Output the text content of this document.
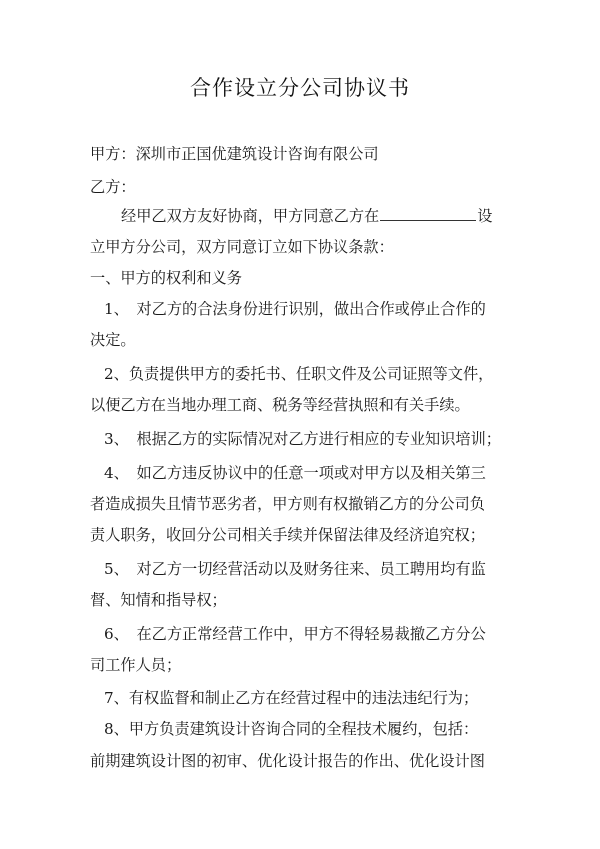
合作设立分公司协议书
甲方：深圳市正国优建筑设计咨询有限公司
乙方：
经甲乙双方友好协商，甲方同意乙方在	设
立甲方分公司，双方同意订立如下协议条款：
一、甲方的权利和义务
1、　对乙方的合法身份进行识别，做出合作或停止合作的
决定。
2、负责提供甲方的委托书、任职文件及公司证照等文件，
以便乙方在当地办理工商、税务等经营执照和有关手续。
3、　根据乙方的实际情况对乙方进行相应的专业知识培训；
4、　如乙方违反协议中的任意一项或对甲方以及相关第三
者造成损失且情节恶劣者，甲方则有权撤销乙方的分公司负
责人职务，收回分公司相关手续并保留法律及经济追究权；
5、　对乙方一切经营活动以及财务往来、员工聘用均有监
督、知情和指导权；
6、　在乙方正常经营工作中，甲方不得轻易裁撤乙方分公
司工作人员；
7、有权监督和制止乙方在经营过程中的违法违纪行为；
8、甲方负责建筑设计咨询合同的全程技术履约，包括：
前期建筑设计图的初审、优化设计报告的作出、优化设计图
